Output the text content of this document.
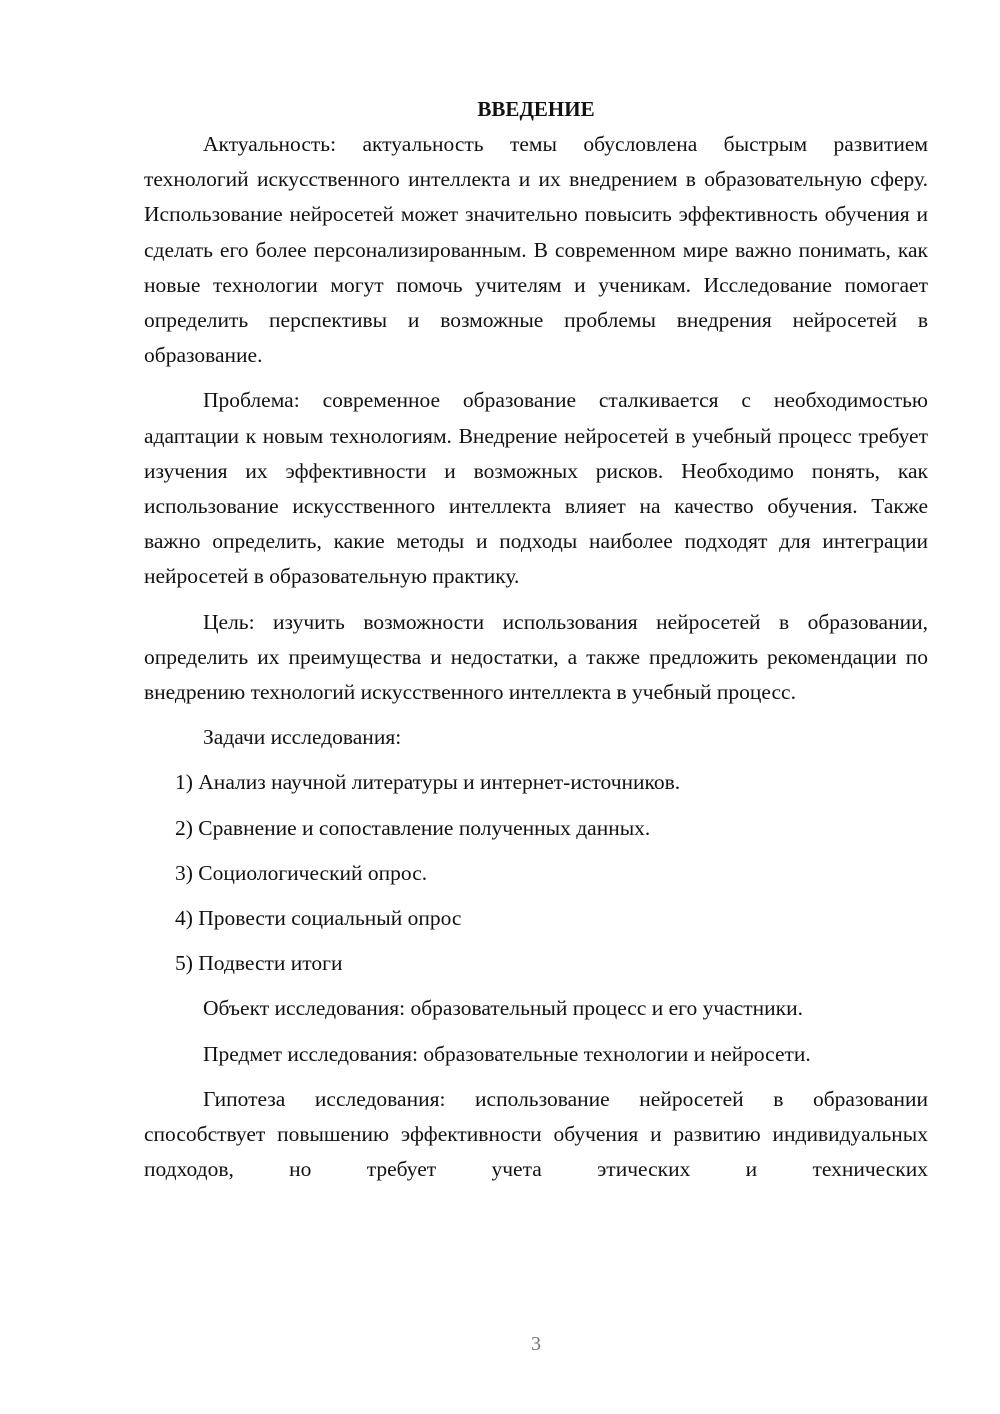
ВВЕДЕНИЕ

Актуальность: актуальность темы обусловлена быстрым развитием технологий искусственного интеллекта и их внедрением в образовательную сферу. Использование нейросетей может значительно повысить эффективность обучения и сделать его более персонализированным. В современном мире важно понимать, как новые технологии могут помочь учителям и ученикам. Исследование помогает определить перспективы и возможные проблемы внедрения нейросетей в образование.

Проблема: современное образование сталкивается с необходимостью адаптации к новым технологиям. Внедрение нейросетей в учебный процесс требует изучения их эффективности и возможных рисков. Необходимо понять, как использование искусственного интеллекта влияет на качество обучения. Также важно определить, какие методы и подходы наиболее подходят для интеграции нейросетей в образовательную практику.

Цель: изучить возможности использования нейросетей в образовании, определить их преимущества и недостатки, а также предложить рекомендации по внедрению технологий искусственного интеллекта в учебный процесс.

Задачи исследования:

1) Анализ научной литературы и интернет-источников.

2) Сравнение и сопоставление полученных данных.

3) Социологический опрос.

4) Провести социальный опрос

5) Подвести итоги

Объект исследования: образовательный процесс и его участники.

Предмет исследования: образовательные технологии и нейросети.

Гипотеза исследования: использование нейросетей в образовании способствует повышению эффективности обучения и развитию индивидуальных подходов, но требует учета этических и технических

3
